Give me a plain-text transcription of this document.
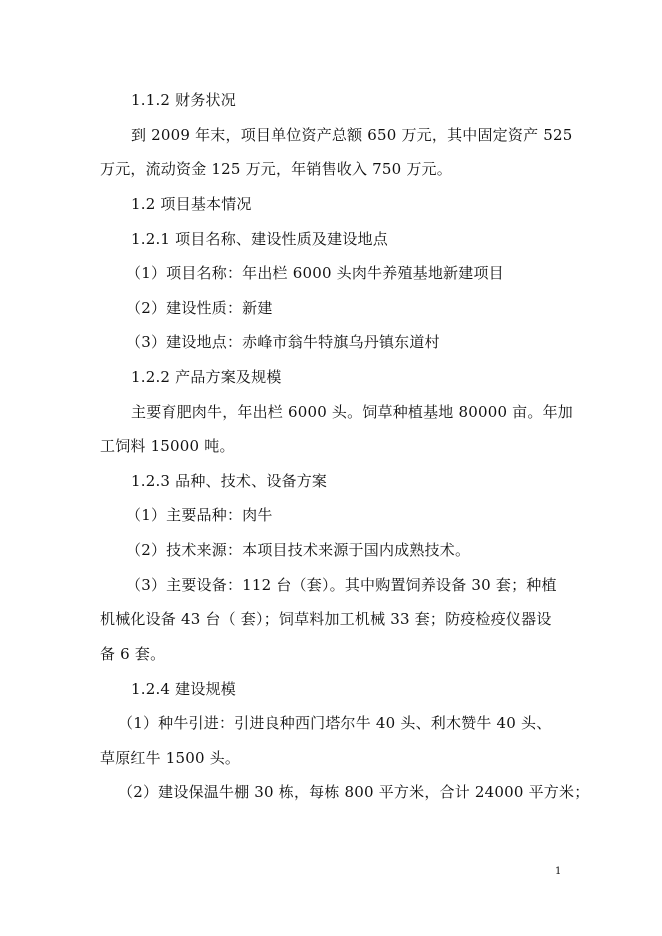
1.1.2 财务状况
到 2009 年末，项目单位资产总额 650 万元，其中固定资产 525
万元，流动资金 125 万元，年销售收入 750 万元。
1.2 项目基本情况
1.2.1 项目名称、建设性质及建设地点
（1）项目名称：年出栏 6000 头肉牛养殖基地新建项目
（2）建设性质：新建
（3）建设地点：赤峰市翁牛特旗乌丹镇东道村
1.2.2 产品方案及规模
主要育肥肉牛，年出栏 6000 头。饲草种植基地 80000 亩。年加
工饲料 15000 吨。
1.2.3 品种、技术、设备方案
（1）主要品种：肉牛
（2）技术来源：本项目技术来源于国内成熟技术。
（3）主要设备：112 台（套）。其中购置饲养设备 30 套；种植
机械化设备 43 台（ 套）；饲草料加工机械 33 套；防疫检疫仪器设
备 6 套。
1.2.4 建设规模
（1）种牛引进：引进良种西门塔尔牛 40 头、利木赞牛 40 头、
草原红牛 1500 头。
（2）建设保温牛棚 30 栋，每栋 800 平方米，合计 24000 平方米；
1
